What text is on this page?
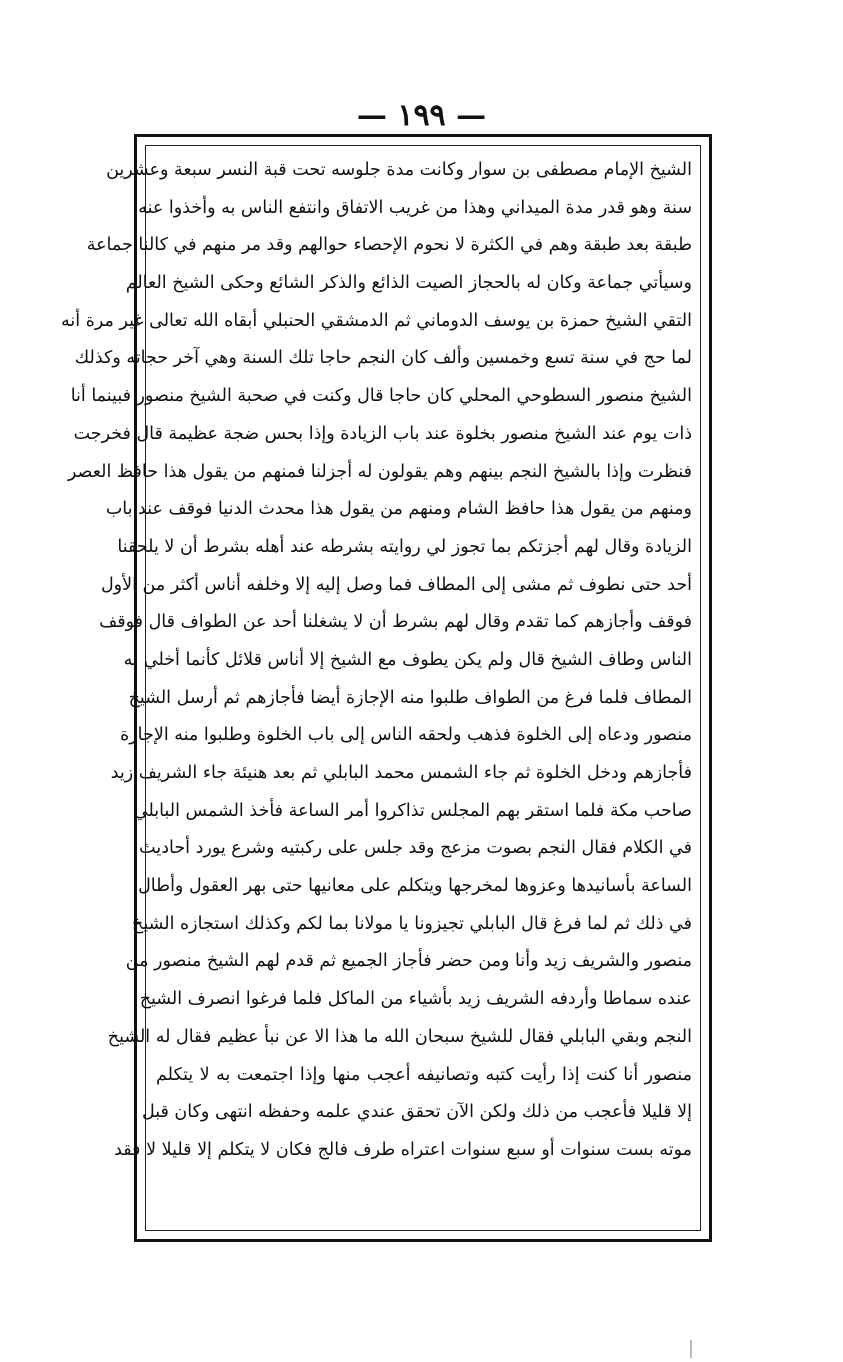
— ١٩٩ —
الشيخ الإمام مصطفى بن سوار وكانت مدة جلوسه تحت قبة النسر سبعة وعشرين
سنة وهو قدر مدة الميداني وهذا من غريب الاتفاق وانتفع الناس به وأخذوا عنه
طبقة بعد طبقة وهم في الكثرة لا نحوم الإحصاء حوالهم وقد مر منهم في كالنا جماعة
وسيأتي جماعة وكان له بالحجاز الصيت الذائع والذكر الشائع وحكى الشيخ العالم
التقي الشيخ حمزة بن يوسف الدوماني ثم الدمشقي الحنبلي أبقاه الله تعالى غير مرة أنه
لما حج في سنة تسع وخمسين وألف كان النجم حاجا تلك السنة وهي آخر حجاته وكذلك
الشيخ منصور السطوحي المحلي كان حاجا قال وكنت في صحبة الشيخ منصور فبينما أنا
ذات يوم عند الشيخ منصور بخلوة عند باب الزيادة وإذا بحس ضجة عظيمة قال فخرجت
فنظرت وإذا بالشيخ النجم بينهم وهم يقولون له أجزلنا فمنهم من يقول هذا حافظ العصر
ومنهم من يقول هذا حافظ الشام ومنهم من يقول هذا محدث الدنيا فوقف عند باب
الزيادة وقال لهم أجزتكم بما تجوز لي روايته بشرطه عند أهله بشرط أن لا يلحقنا
أحد حتى نطوف ثم مشى إلى المطاف فما وصل إليه إلا وخلفه أناس أكثر من الأول
فوقف وأجازهم كما تقدم وقال لهم بشرط أن لا يشغلنا أحد عن الطواف قال فوقف
الناس وطاف الشيخ قال ولم يكن يطوف مع الشيخ إلا أناس قلائل كأنما أخلي له
المطاف فلما فرغ من الطواف طلبوا منه الإجازة أيضا فأجازهم ثم أرسل الشيخ
منصور ودعاه إلى الخلوة فذهب ولحقه الناس إلى باب الخلوة وطلبوا منه الإجازة
فأجازهم ودخل الخلوة ثم جاء الشمس محمد البابلي ثم بعد هنيئة جاء الشريف زيد
صاحب مكة فلما استقر بهم المجلس تذاكروا أمر الساعة فأخذ الشمس البابلي
في الكلام فقال النجم بصوت مزعج وقد جلس على ركبتيه وشرع يورد أحاديث
الساعة بأسانيدها وعزوها لمخرجها ويتكلم على معانيها حتى بهر العقول وأطال
في ذلك ثم لما فرغ قال البابلي تجيزونا يا مولانا بما لكم وكذلك استجازه الشيخ
منصور والشريف زيد وأنا ومن حضر فأجاز الجميع ثم قدم لهم الشيخ منصور من
عنده سماطا وأردفه الشريف زيد بأشياء من الماكل فلما فرغوا انصرف الشيخ
النجم وبقي البابلي فقال للشيخ سبحان الله ما هذا الا عن نبأ عظيم فقال له الشيخ
منصور أنا كنت إذا رأيت كتبه وتصانيفه أعجب منها وإذا اجتمعت به لا يتكلم
إلا قليلا فأعجب من ذلك ولكن الآن تحقق عندي علمه وحفظه انتهى وكان قبل
موته بست سنوات أو سبع سنوات اعتراه طرف فالج فكان لا يتكلم إلا قليلا لا فقد
